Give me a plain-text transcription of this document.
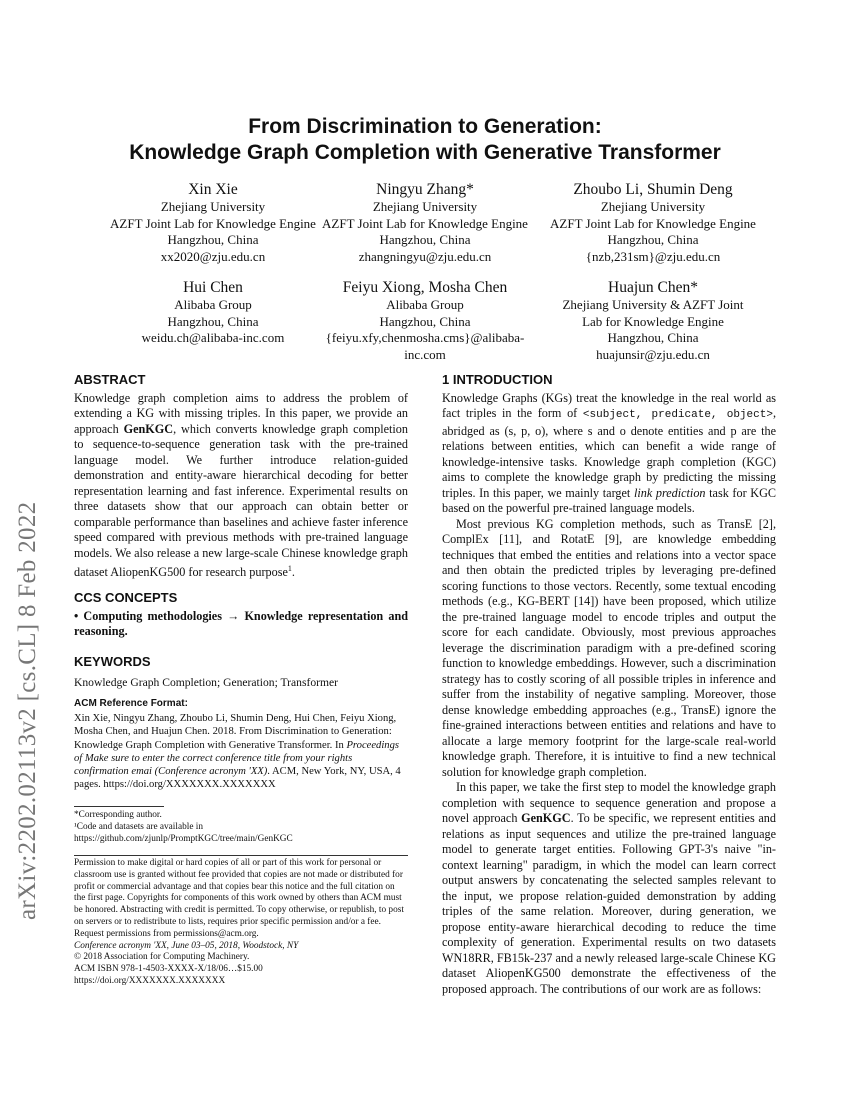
arXiv:2202.02113v2 [cs.CL] 8 Feb 2022
From Discrimination to Generation:
Knowledge Graph Completion with Generative Transformer
Xin Xie
Zhejiang University
AZFT Joint Lab for Knowledge Engine
Hangzhou, China
xx2020@zju.edu.cn
Ningyu Zhang*
Zhejiang University
AZFT Joint Lab for Knowledge Engine
Hangzhou, China
zhangningyu@zju.edu.cn
Zhoubo Li, Shumin Deng
Zhejiang University
AZFT Joint Lab for Knowledge Engine
Hangzhou, China
{nzb,231sm}@zju.edu.cn
Hui Chen
Alibaba Group
Hangzhou, China
weidu.ch@alibaba-inc.com
Feiyu Xiong, Mosha Chen
Alibaba Group
Hangzhou, China
{feiyu.xfy,chenmosha.cms}@alibaba-
inc.com
Huajun Chen*
Zhejiang University & AZFT Joint
Lab for Knowledge Engine
Hangzhou, China
huajunsir@zju.edu.cn
ABSTRACT

Knowledge graph completion aims to address the problem of extending a KG with missing triples. In this paper, we provide an approach GenKGC, which converts knowledge graph completion to sequence-to-sequence generation task with the pre-trained language model. We further introduce relation-guided demonstration and entity-aware hierarchical decoding for better representation learning and fast inference. Experimental results on three datasets show that our approach can obtain better or comparable performance than baselines and achieve faster inference speed compared with previous methods with pre-trained language models. We also release a new large-scale Chinese knowledge graph dataset AliopenKG500 for research purpose$^1$.

CCS CONCEPTS

• Computing methodologies → Knowledge representation and reasoning.

KEYWORDS

Knowledge Graph Completion; Generation; Transformer

ACM Reference Format:

Xin Xie, Ningyu Zhang, Zhoubo Li, Shumin Deng, Hui Chen, Feiyu Xiong, Mosha Chen, and Huajun Chen. 2018. From Discrimination to Generation: Knowledge Graph Completion with Generative Transformer. In Proceedings of Make sure to enter the correct conference title from your rights confirmation emai (Conference acronym 'XX). ACM, New York, NY, USA, 4 pages. https://doi.org/XXXXXXX.XXXXXXX

*Corresponding author.
¹Code and datasets are available in https://github.com/zjunlp/PromptKGC/tree/main/GenKGC

Permission to make digital or hard copies of all or part of this work for personal or classroom use is granted without fee provided that copies are not made or distributed for profit or commercial advantage and that copies bear this notice and the full citation on the first page. Copyrights for components of this work owned by others than ACM must be honored. Abstracting with credit is permitted. To copy otherwise, or republish, to post on servers or to redistribute to lists, requires prior specific permission and/or a fee. Request permissions from permissions@acm.org.

Conference acronym 'XX, June 03–05, 2018, Woodstock, NY
© 2018 Association for Computing Machinery.
ACM ISBN 978-1-4503-XXXX-X/18/06…$15.00
https://doi.org/XXXXXXX.XXXXXXX
1 INTRODUCTION

Knowledge Graphs (KGs) treat the knowledge in the real world as fact triples in the form of <subject, predicate, object>, abridged as (s, p, o), where s and o denote entities and p are the relations between entities, which can benefit a wide range of knowledge-intensive tasks. Knowledge graph completion (KGC) aims to complete the knowledge graph by predicting the missing triples. In this paper, we mainly target link prediction task for KGC based on the powerful pre-trained language models.

Most previous KG completion methods, such as TransE [2], ComplEx [11], and RotatE [9], are knowledge embedding techniques that embed the entities and relations into a vector space and then obtain the predicted triples by leveraging pre-defined scoring functions to those vectors. Recently, some textual encoding methods (e.g., KG-BERT [14]) have been proposed, which utilize the pre-trained language model to encode triples and output the score for each candidate. Obviously, most previous approaches leverage the discrimination paradigm with a pre-defined scoring function to knowledge embeddings. However, such a discrimination strategy has to costly scoring of all possible triples in inference and suffer from the instability of negative sampling. Moreover, those dense knowledge embedding approaches (e.g., TransE) ignore the fine-grained interactions between entities and relations and have to allocate a large memory footprint for the large-scale real-world knowledge graph. Therefore, it is intuitive to find a new technical solution for knowledge graph completion.

In this paper, we take the first step to model the knowledge graph completion with sequence to sequence generation and propose a novel approach GenKGC. To be specific, we represent entities and relations as input sequences and utilize the pre-trained language model to generate target entities. Following GPT-3's naive "in-context learning" paradigm, in which the model can learn correct output answers by concatenating the selected samples relevant to the input, we propose relation-guided demonstration by adding triples of the same relation. Moreover, during generation, we propose entity-aware hierarchical decoding to reduce the time complexity of generation. Experimental results on two datasets WN18RR, FB15k-237 and a newly released large-scale Chinese KG dataset AliopenKG500 demonstrate the effectiveness of the proposed approach. The contributions of our work are as follows:
